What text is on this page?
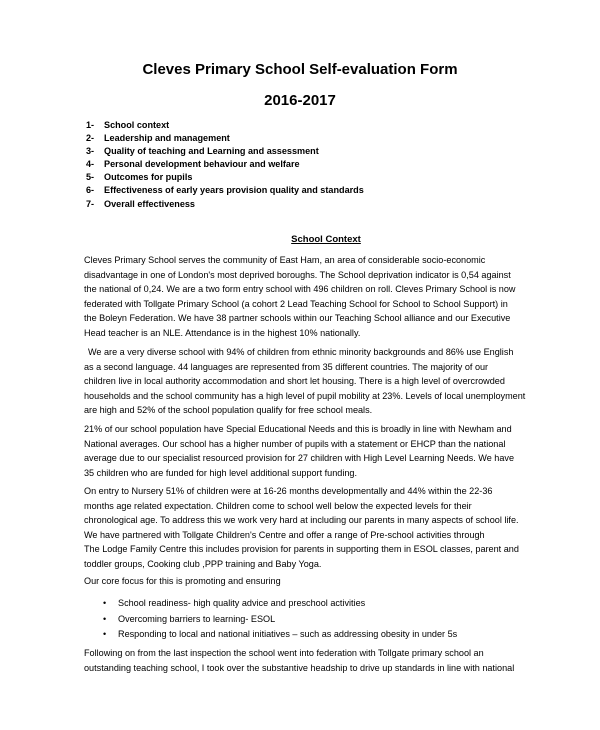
Cleves Primary School Self-evaluation Form
2016-2017
1- School context
2- Leadership and management
3- Quality of teaching and Learning and assessment
4- Personal development behaviour and welfare
5- Outcomes for pupils
6- Effectiveness of early years provision quality and standards
7- Overall effectiveness
School Context

Cleves Primary School serves the community of East Ham, an area of considerable socio-economic
disadvantage in one of London's most deprived boroughs. The School deprivation indicator is 0,54 against
the national of 0,24. We are a two form entry school with 496 children on roll. Cleves Primary School is now
federated with Tollgate Primary School (a cohort 2 Lead Teaching School for School to School Support) in
the Boleyn Federation. We have 38 partner schools within our Teaching School alliance and our Executive
Head teacher is an NLE. Attendance is in the highest 10% nationally.

We are a very diverse school with 94% of children from ethnic minority backgrounds and 86% use English
as a second language. 44 languages are represented from 35 different countries. The majority of our
children live in local authority accommodation and short let housing. There is a high level of overcrowded
households and the school community has a high level of pupil mobility at 23%. Levels of local unemployment
are high and 52% of the school population qualify for free school meals.

21% of our school population have Special Educational Needs and this is broadly in line with Newham and
National averages. Our school has a higher number of pupils with a statement or EHCP than the national
average due to our specialist resourced provision for 27 children with High Level Learning Needs. We have
35 children who are funded for high level additional support funding.

On entry to Nursery 51% of children were at 16-26 months developmentally and 44% within the 22-36
months age related expectation. Children come to school well below the expected levels for their
chronological age. To address this we work very hard at including our parents in many aspects of school life.
We have partnered with Tollgate Children's Centre and offer a range of Pre-school activities through
The Lodge Family Centre this includes provision for parents in supporting them in ESOL classes, parent and
toddler groups, Cooking club ,PPP training and Baby Yoga.

Our core focus for this is promoting and ensuring

• School readiness- high quality advice and preschool activities
• Overcoming barriers to learning- ESOL
• Responding to local and national initiatives – such as addressing obesity in under 5s

Following on from the last inspection the school went into federation with Tollgate primary school an
outstanding teaching school, I took over the substantive headship to drive up standards in line with national
